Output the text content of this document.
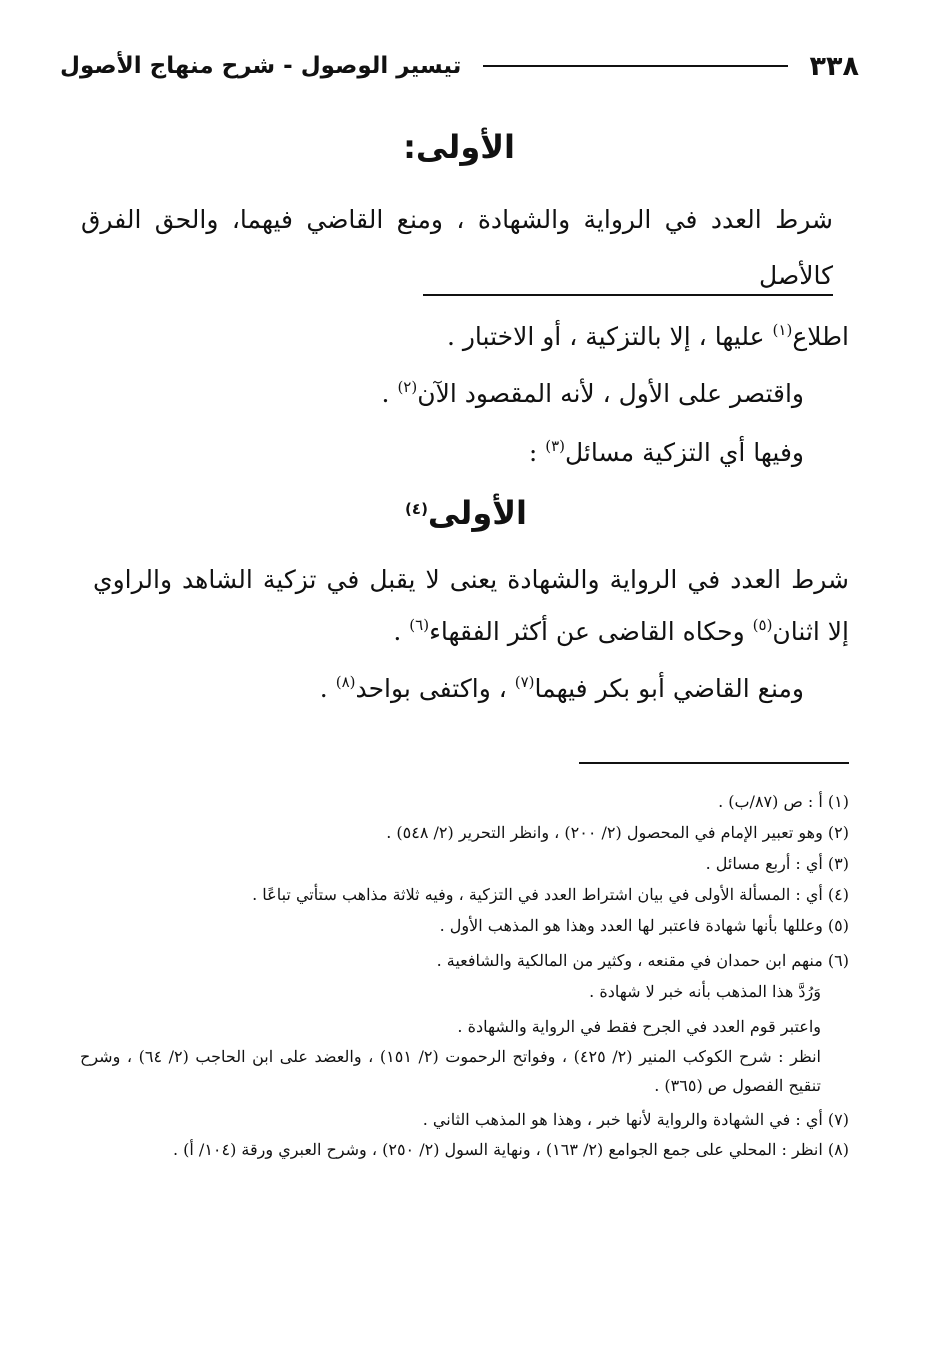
٣٣٨
تيسير الوصول - شرح منهاج الأصول
الأولى:
شرط العدد في الرواية والشهادة ، ومنع القاضي فيهما، والحق الفرق كالأصل
اطلاع$^{(١)}$ عليها ، إلا بالتزكية ، أو الاختبار .
واقتصر على الأول ، لأنه المقصود الآن$^{(٢)}$ .
وفيها أي التزكية مسائل$^{(٣)}$ :
الأولى$^{(٤)}$
شرط العدد في الرواية والشهادة يعنى لا يقبل في تزكية الشاهد والراوي إلا اثنان$^{(٥)}$ وحكاه القاضى عن أكثر الفقهاء$^{(٦)}$ .
ومنع القاضي أبو بكر فيهما$^{(٧)}$ ، واكتفى بواحد$^{(٨)}$ .

(١) أ : ص (٨٧/ب) .

(٢) وهو تعبير الإمام في المحصول (٢/ ٢٠٠) ، وانظر التحرير (٢/ ٥٤٨) .

(٣) أي : أربع مسائل .

(٤) أي : المسألة الأولى في بيان اشتراط العدد في التزكية ، وفيه ثلاثة مذاهب ستأتي تباعًا .

(٥) وعللها بأنها شهادة فاعتبر لها العدد وهذا هو المذهب الأول .

(٦) منهم ابن حمدان في مقنعه ، وكثير من المالكية والشافعية .

وَرُدَّ هذا المذهب بأنه خبر لا شهادة .

واعتبر قوم العدد في الجرح فقط في الرواية والشهادة .

انظر : شرح الكوكب المنير (٢/ ٤٢٥) ، وفواتح الرحموت (٢/ ١٥١) ، والعضد على ابن الحاجب (٢/ ٦٤) ، وشرح تنقيح الفصول ص (٣٦٥) .

(٧) أي : في الشهادة والرواية لأنها خبر ، وهذا هو المذهب الثاني .

(٨) انظر : المحلي على جمع الجوامع (٢/ ١٦٣) ، ونهاية السول (٢/ ٢٥٠) ، وشرح العبري ورقة (١٠٤/ أ) .
